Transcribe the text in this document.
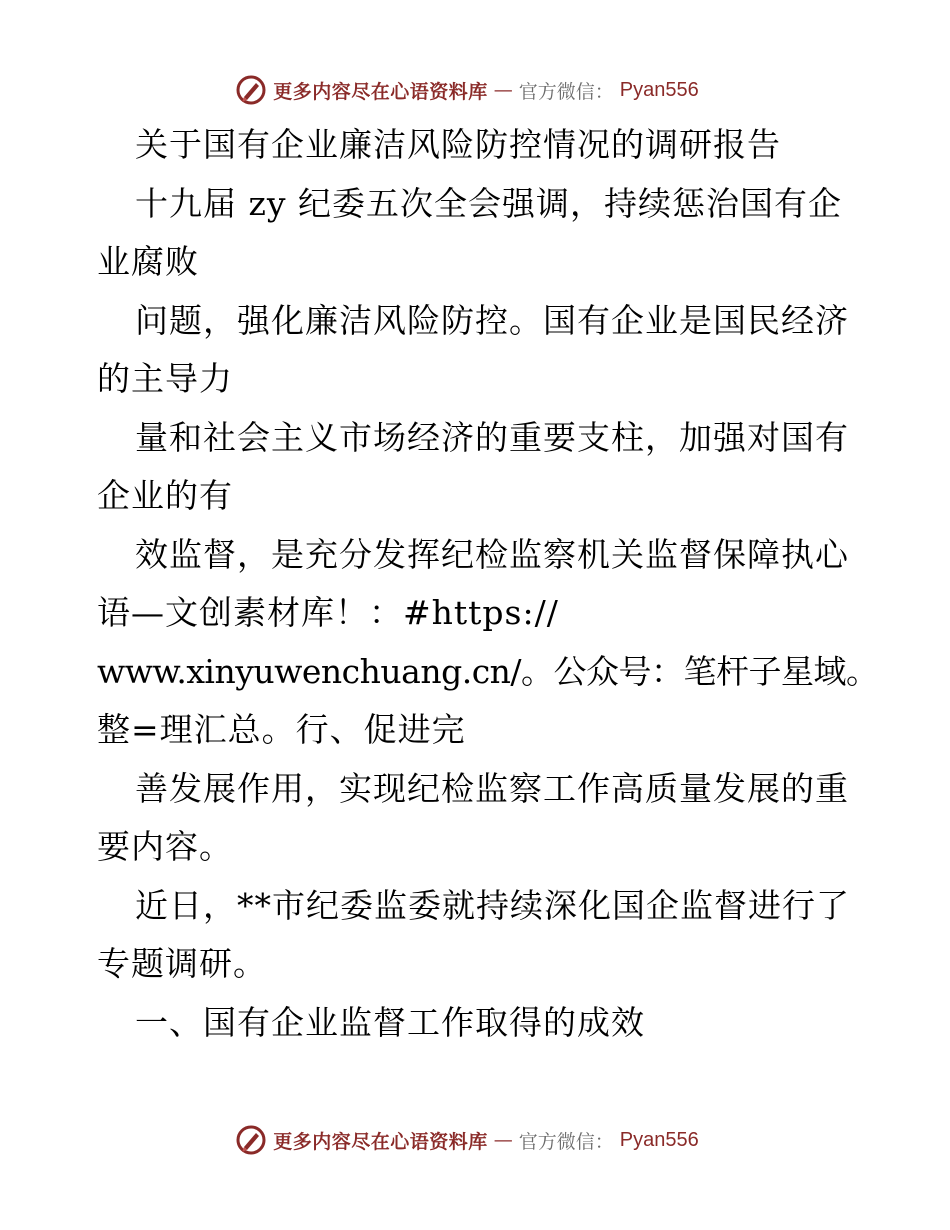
更多内容尽在心语资料库 — 官方微信： Pyan556
关于国有企业廉洁风险防控情况的调研报告
十九届 zy 纪委五次全会强调，持续惩治国有企
业腐败
问题，强化廉洁风险防控。国有企业是国民经济
的主导力
量和社会主义市场经济的重要支柱，加强对国有
企业的有
效监督，是充分发挥纪检监察机关监督保障执心
语—文创素材库！：#https://
www.xinyuwenchuang.cn/。公众号：笔杆子星域。
整=理汇总。行、促进完
善发展作用，实现纪检监察工作高质量发展的重
要内容。
近日，**市纪委监委就持续深化国企监督进行了
专题调研。
一、国有企业监督工作取得的成效
更多内容尽在心语资料库 — 官方微信： Pyan556
